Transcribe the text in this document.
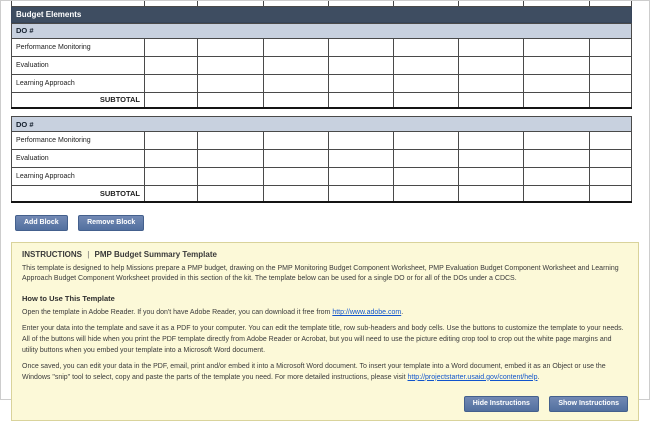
Budget Elements
DO #								
Performance Monitoring								
Evaluation								
Learning Approach								
SUBTOTAL								
DO #								
Performance Monitoring								
Evaluation								
Learning Approach								
SUBTOTAL								
Add Block	Remove Block
INSTRUCTIONS | PMP Budget Summary Template

This template is designed to help Missions prepare a PMP budget, drawing on the PMP Monitoring Budget Component Worksheet, PMP Evaluation Budget Component Worksheet and Learning Approach Budget Component Worksheet provided in this section of the kit. The template below can be used for a single DO or for all of the DOs under a CDCS.

How to Use This Template

Open the template in Adobe Reader. If you don't have Adobe Reader, you can download it free from http://www.adobe.com.

Enter your data into the template and save it as a PDF to your computer. You can edit the template title, row sub-headers and body cells. Use the buttons to customize the template to your needs. All of the buttons will hide when you print the PDF template directly from Adobe Reader or Acrobat, but you will need to use the picture editing crop tool to crop out the white page margins and utility buttons when you embed your template into a Microsoft Word document.

Once saved, you can edit your data in the PDF, email, print and/or embed it into a Microsoft Word document. To insert your template into a Word document, embed it as an Object or use the Windows "snip" tool to select, copy and paste the parts of the template you need. For more detailed instructions, please visit http://projectstarter.usaid.gov/content/help.

Hide Instructions	Show Instructions
